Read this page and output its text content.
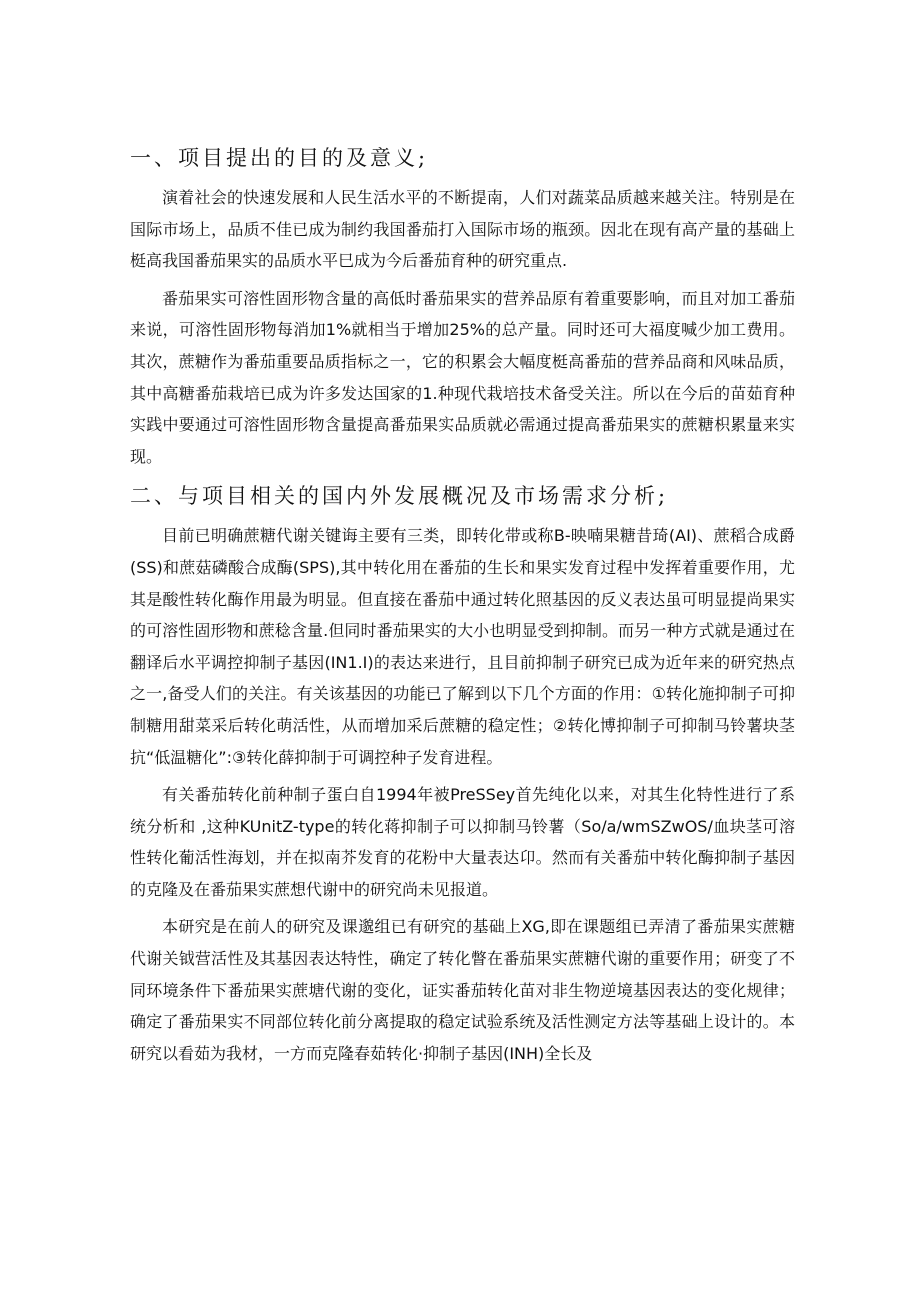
一、项目提出的目的及意义;

演着社会的快速发展和人民生活水平的不断提南，人们对蔬菜品质越来越关注。特别是在国际市场上，品质不佳已成为制约我国番茄打入国际市场的瓶颈。因北在现有高产量的基础上梃高我国番茄果实的品质水平巳成为今后番茄育种的研究重点.

番茄果实可溶性固形物含量的高低时番茄果实的营养品原有着重要影响，而且对加工番茄来说，可溶性固形物每消加1%就相当于增加25%的总产量。同时还可大福度喊少加工费用。其次，蔗糖作为番茄重要品质指标之一，它的积累会大幅度梃高番茄的营养品商和风味品质，其中高糖番茄栽培已成为许多发达国家的1.种现代栽培技术备受关注。所以在今后的苗茹育种实践中要通过可溶性固形物含量提高番茄果实品质就必需通过提高番茄果实的蔗糖枳累量来实现。

二、与项目相关的国内外发展概况及市场需求分析;

目前已明确蔗糖代谢关键诲主要有三类，即转化带或称B-映喃果糖昔琦(AI)、蔗稻合成爵(SS)和蔗菇磷酸合成酶(SPS),其中转化用在番茄的生长和果实发育过程中发挥着重要作用，尤其是酸性转化酶作用最为明显。但直接在番茄中通过转化照基因的反义表达虽可明显提尚果实的可溶性固形物和蔗稔含量.但同时番茄果实的大小也明显受到抑制。而另一种方式就是通过在翻译后水平调控抑制子基因(IN1.I)的表达来进行，且目前抑制子研究已成为近年来的研究热点之一,备受人们的关注。有关该基因的功能已了解到以下几个方面的作用：①转化施抑制子可抑制糖用甜菜采后转化萌活性，从而增加采后蔗糖的稳定性；②转化博抑制子可抑制马铃薯块茎抗“低温糖化”:③转化薛抑制于可调控种子发育进程。

有关番茄转化前种制子蛋白自1994年被PreSSey首先纯化以来，对其生化特性进行了系统分析和 ,这种KUnitZ-type的转化蒋抑制子可以抑制马铃薯（So/a/wmSZwOS/血块茎可溶性转化葡活性海划，并在拟南芥发育的花粉中大量表达卬。然而有关番茄中转化酶抑制子基因的克隆及在番茄果实蔗想代谢中的研究尚未见报道。

本研究是在前人的研究及课邈组已有研究的基础上XG,即在课题组已弄清了番茄果实蔗糖代谢关钺营活性及其基因表达特性，确定了转化瞥在番茄果实蔗糖代谢的重要作用；研变了不同环境条件下番茄果实蔗塘代谢的变化，证实番茄转化苗对非生物逆境基因表达的变化规律；确定了番茄果实不同部位转化前分离提取的稳定试验系统及活性测定方法等基础上设计的。本研究以看茹为我材，一方而克隆春茹转化·抑制子基因(INH)全长及
